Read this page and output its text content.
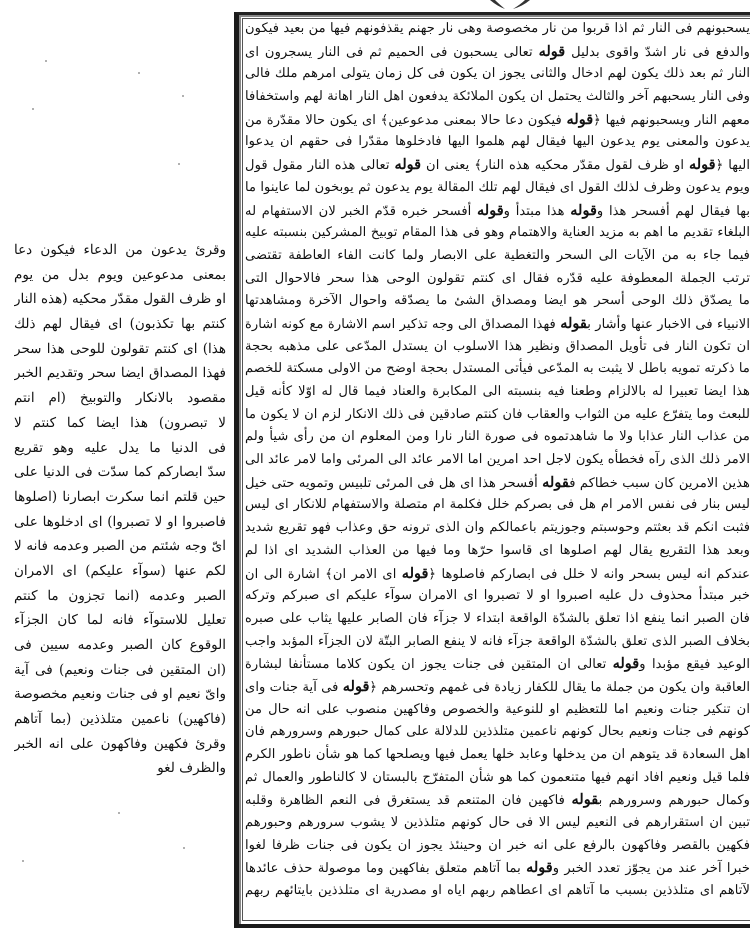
يسحبونهم فى النار ثم اذا قربوا من نار مخصوصة وهى نار جهنم يقذفونهم فيها من بعيد فيكون
والدفع فى نار اشدّ واقوى بدليل قوله تعالى يسحبون فى الحميم ثم فى النار يسجرون اى
النار ثم بعد ذلك يكون لهم ادخال والثانى يجوز ان يكون فى كل زمان يتولى امرهم ملك فالى
وفى النار يسحبهم آخر والثالث يحتمل ان يكون الملائكة يدفعون اهل النار اهانة لهم واستخفافا
معهم النار ويسحبونهم فيها ﴿قوله فيكون دعا حالا بمعنى مدعوعين﴾ اى يكون حالا مقدّرة من
يدعون والمعنى يوم يدعون اليها فيقال لهم هلموا اليها فادخلوها مقدّرا فى حقهم ان يدعوا
اليها ﴿قوله او ظرف لقول مقدّر محكيه هذه النار﴾ يعنى ان قوله تعالى هذه النار مقول قول
ويوم يدعون وظرف لذلك القول اى فيقال لهم تلك المقالة يوم يدعون ثم يوبخون لما عاينوا ما
بها فيقال لهم أفسحر هذا وقوله هذا مبتدأ وقوله أفسحر خبره قدّم الخبر لان الاستفهام له
البلغاء تقديم ما اهم به مزيد العناية والاهتمام وهو فى هذا المقام توبيخ المشركين بنسبته عليه
فيما جاء به من الآيات الى السحر والتغطية على الابصار ولما كانت الفاء العاطفة تقتضى
ترتب الجملة المعطوفة عليه قدّره فقال اى كنتم تقولون الوحى هذا سحر فالاحوال التى
ما يصدّق ذلك الوحى أسحر هو ايضا ومصداق الشئ ما يصدّقه واحوال الآخرة ومشاهدتها
الانبياء فى الاخبار عنها وأشار بقوله فهذا المصداق الى وجه تذكير اسم الاشارة مع كونه اشارة
ان تكون النار فى تأويل المصداق ونظير هذا الاسلوب ان يستدل المدّعى على مذهبه بحجة
ما ذكرته تمويه باطل لا يثبت به المدّعى فيأتى المستدل بحجة اوضح من الاولى مسكتة للخصم
هذا ايضا تعبيرا له بالالزام وطعنا فيه بنسبته الى المكابرة والعناد فيما قال له اوّلا كأنه قيل
للبعث وما يتفرّع عليه من الثواب والعقاب فان كنتم صادقين فى ذلك الانكار لزم ان لا يكون ما
من عذاب النار عذابا ولا ما شاهدتموه فى صورة النار نارا ومن المعلوم ان من رأى شيأ ولم
الامر ذلك الذى رآه فخطأه يكون لاجل احد امرين اما الامر عائد الى المرئى واما لامر عائد الى
هذين الامرين كان سبب خطاكم فقوله أفسحر هذا اى هل فى المرئى تلبيس وتمويه حتى خيل
ليس بنار فى نفس الامر ام هل فى بصركم خلل فكلمة ام متصلة والاستفهام للانكار اى ليس
فثبت انكم قد بعثتم وحوسبتم وجوزيتم باعمالكم وان الذى ترونه حق وعذاب فهو تقريع شديد
وبعد هذا التقريع يقال لهم اصلوها اى قاسوا حرّها وما فيها من العذاب الشديد اى اذا لم
عندكم انه ليس بسحر وانه لا خلل فى ابصاركم فاصلوها ﴿قوله اى الامر ان﴾ اشارة الى ان
خبر مبتدأ محذوف دل عليه اصبروا او لا تصبروا اى الامران سوآء عليكم اى صبركم وتركه
فان الصبر انما ينفع اذا تعلق بالشدّة الواقعة ابتداء لا جزآء فان الصابر عليها يثاب على صبره
بخلاف الصبر الذى تعلق بالشدّة الواقعة جزآء فانه لا ينفع الصابر البتّة لان الجزآء المؤبد واجب
الوعيد فيقع مؤبدا وقوله تعالى ان المتقين فى جنات يجوز ان يكون كلاما مستأنفا لبشارة
العاقبة وان يكون من جملة ما يقال للكفار زيادة فى غمهم وتحسرهم ﴿قوله فى آية جنات واى
ان تنكير جنات ونعيم اما للتعظيم او للنوعية والخصوص وفاكهين منصوب على انه حال من
كونهم فى جنات ونعيم بحال كونهم ناعمين متلذذين للدلالة على كمال حبورهم وسرورهم فان
اهل السعادة قد يتوهم ان من يدخلها وعابد خلها يعمل فيها ويصلحها كما هو شأن ناطور الكرم
فلما قيل ونعيم افاد انهم فيها متنعمون كما هو شأن المتفرّج بالبستان لا كالناطور والعمال ثم
وكمال حبورهم وسرورهم بقوله فاكهين فان المتنعم قد يستغرق فى النعم الظاهرة وقلبه
تبين ان استقرارهم فى النعيم ليس الا فى حال كونهم متلذذين لا يشوب سرورهم وحبورهم
فكهين بالقصر وفاكهون بالرفع على انه خبر ان وحينئذ يجوز ان يكون فى جنات ظرفا لغوا
خبرا آخر عند من يجوّز تعدد الخبر وقوله بما آتاهم متعلق بفاكهين وما موصولة حذف عائدها
لآتاهم اى متلذذين بسبب ما آتاهم اى اعطاهم ربهم اياه او مصدرية اى متلذذين بايتائهم ربهم
وقرئ يدعون من الدعاء فيكون دعا
بمعنى مدعوعين ويوم بدل من يوم
او ظرف القول مقدّر محكيه (هذه النار
كنتم بها تكذبون) اى فيقال لهم ذلك
هذا) اى كنتم تقولون للوحى هذا سحر
فهذا المصداق ايضا سحر وتقديم الخبر
مقصود بالانكار والتوبيخ (ام انتم
لا تبصرون) هذا ايضا كما كنتم لا
فى الدنيا ما يدل عليه وهو تقريع
سدّ ابصاركم كما سدّت فى الدنيا على
حين قلتم انما سكرت ابصارنا (اصلوها
فاصبروا او لا تصبروا) اى ادخلوها على
اىّ وجه شئتم من الصبر وعدمه فانه لا
لكم عنها (سوآء عليكم) اى الامران
الصبر وعدمه (انما تجزون ما كنتم
تعليل للاستوآء فانه لما كان الجزآء
الوقوع كان الصبر وعدمه سيين فى
(ان المتقين فى جنات ونعيم) فى آية
واىّ نعيم او فى جنات ونعيم مخصوصة
(فاكهين) ناعمين متلذذين (بما آتاهم
وقرئ فكهين وفاكهون على انه الخبر
والظرف لغو
